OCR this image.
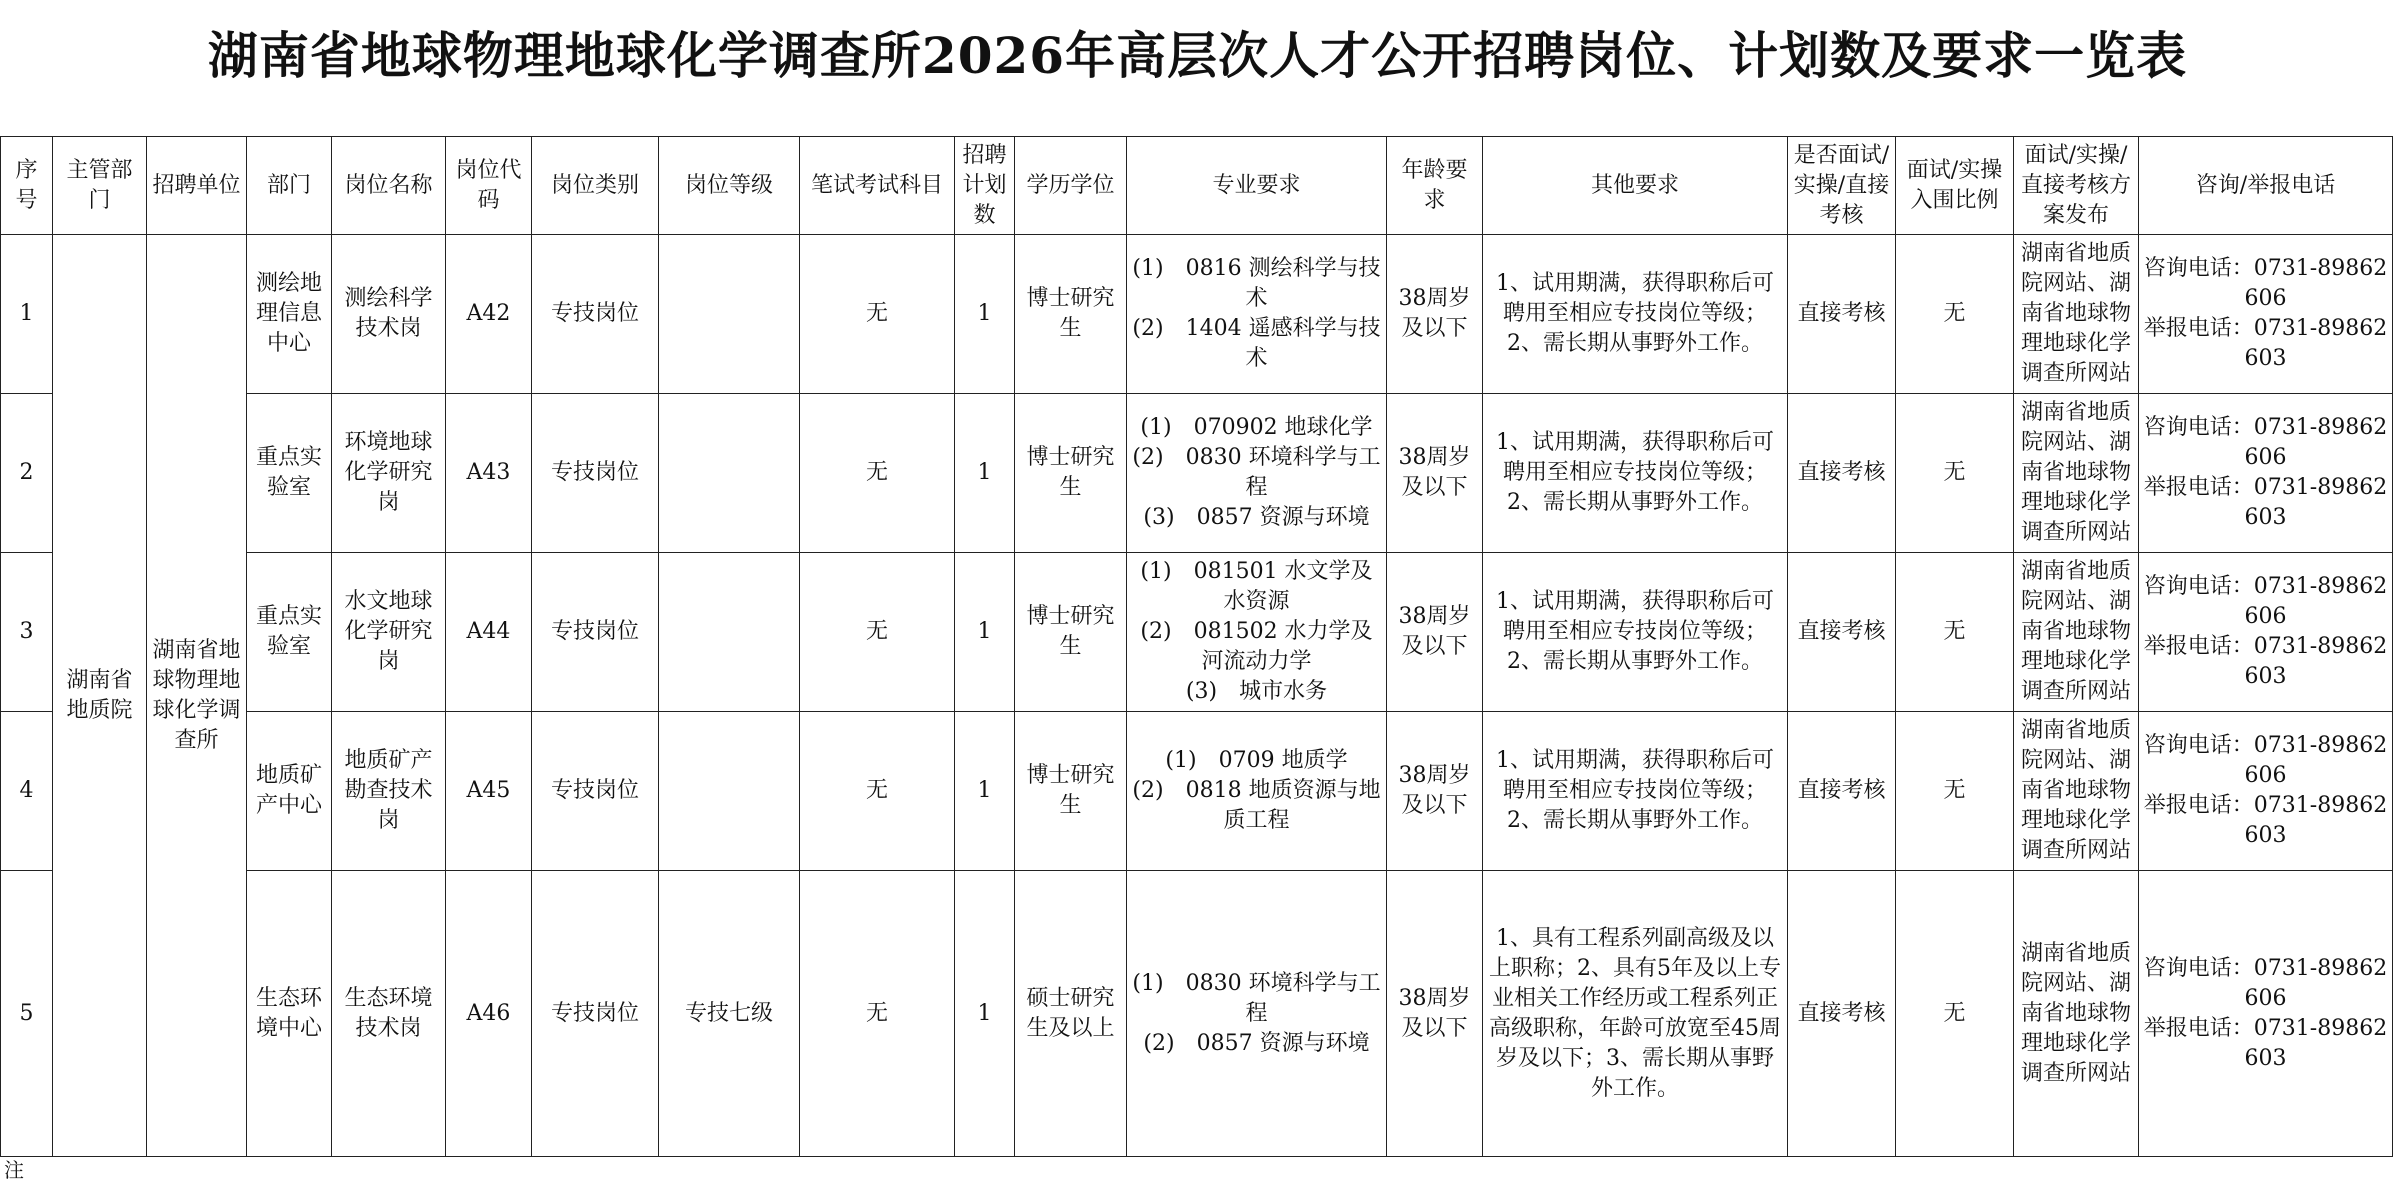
湖南省地球物理地球化学调查所2026年高层次人才公开招聘岗位、计划数及要求一览表
序号	主管部门	招聘单位	部门	岗位名称	岗位代码	岗位类别	岗位等级	笔试考试科目	招聘计划数	学历学位	专业要求	年龄要求	其他要求	是否面试/实操/直接考核	面试/实操入围比例	面试/实操/直接考核方案发布	咨询/举报电话
1	湖南省地质院	湖南省地球物理地球化学调查所	测绘地理信息中心	测绘科学技术岗	A42	专技岗位		无	1	博士研究生	(1)　0816 测绘科学与技术
(2)　1404 遥感科学与技术	38周岁及以下	1、试用期满，获得职称后可聘用至相应专技岗位等级；2、需长期从事野外工作。	直接考核	无	湖南省地质院网站、湖南省地球物理地球化学调查所网站	咨询电话：0731-89862606
举报电话：0731-89862603
2			重点实验室	环境地球化学研究岗	A43	专技岗位		无	1	博士研究生	(1)　070902 地球化学
(2)　0830 环境科学与工程
(3)　0857 资源与环境	38周岁及以下	1、试用期满，获得职称后可聘用至相应专技岗位等级；2、需长期从事野外工作。	直接考核	无	湖南省地质院网站、湖南省地球物理地球化学调查所网站	咨询电话：0731-89862606
举报电话：0731-89862603
3			重点实验室	水文地球化学研究岗	A44	专技岗位		无	1	博士研究生	(1)　081501 水文学及水资源
(2)　081502 水力学及河流动力学
(3)　城市水务	38周岁及以下	1、试用期满，获得职称后可聘用至相应专技岗位等级；2、需长期从事野外工作。	直接考核	无	湖南省地质院网站、湖南省地球物理地球化学调查所网站	咨询电话：0731-89862606
举报电话：0731-89862603
4			地质矿产中心	地质矿产勘查技术岗	A45	专技岗位		无	1	博士研究生	(1)　0709 地质学
(2)　0818 地质资源与地质工程	38周岁及以下	1、试用期满，获得职称后可聘用至相应专技岗位等级；2、需长期从事野外工作。	直接考核	无	湖南省地质院网站、湖南省地球物理地球化学调查所网站	咨询电话：0731-89862606
举报电话：0731-89862603
5			生态环境中心	生态环境技术岗	A46	专技岗位	专技七级	无	1	硕士研究生及以上	(1)　0830 环境科学与工程
(2)　0857 资源与环境	38周岁及以下	1、具有工程系列副高级及以上职称；2、具有5年及以上专业相关工作经历或工程系列正高级职称，年龄可放宽至45周岁及以下；3、需长期从事野外工作。	直接考核	无	湖南省地质院网站、湖南省地球物理地球化学调查所网站	咨询电话：0731-89862606
举报电话：0731-89862603
注
